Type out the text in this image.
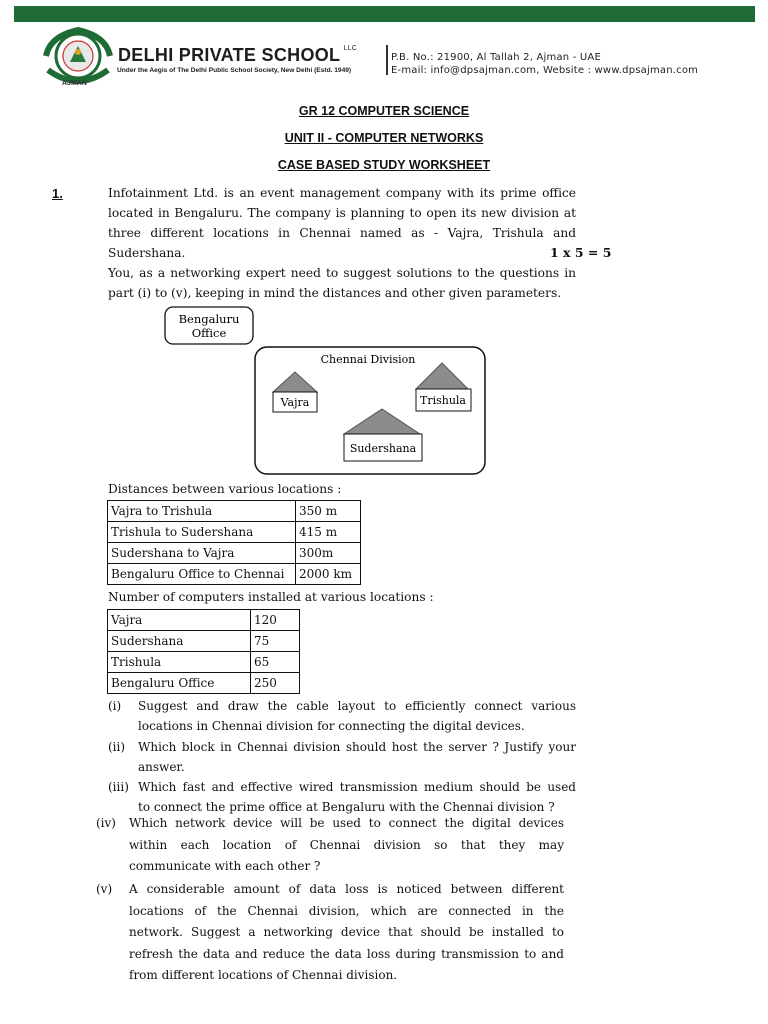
AJMAN
DELHI PRIVATE SCHOOL $^{LLC}$
Under the Aegis of The Delhi Public School Society, New Delhi (Estd. 1949)
P.B. No.: 21900, Al Tallah 2, Ajman - UAE
E-mail: info@dpsajman.com, Website : www.dpsajman.com
GR 12 COMPUTER SCIENCE
UNIT II - COMPUTER NETWORKS
CASE BASED STUDY WORKSHEET
1.	Infotainment Ltd. is an event management company with its prime office
located in Bengaluru. The company is planning to open its new division at
three different locations in Chennai named as - Vajra, Trishula and
Sudershana.	1 x 5 = 5
You, as a networking expert need to suggest solutions to the questions in
part (i) to (v), keeping in mind the distances and other given parameters.
Bengaluru
Office
Chennai Division
Vajra	Trishula
Sudershana
Distances between various locations :
Vajra to Trishula	350 m
Trishula to Sudershana	415 m
Sudershana to Vajra	300m
Bengaluru Office to Chennai	2000 km
Number of computers installed at various locations :
Vajra	120
Sudershana	75
Trishula	65
Bengaluru Office	250
(i) Suggest and draw the cable layout to efficiently connect various
locations in Chennai division for connecting the digital devices.
(ii) Which block in Chennai division should host the server ? Justify your
answer.
(iii) Which fast and effective wired transmission medium should be used
to connect the prime office at Bengaluru with the Chennai division ?
(iv) Which network device will be used to connect the digital devices
within each location of Chennai division so that they may
communicate with each other ?
(v) A considerable amount of data loss is noticed between different
locations of the Chennai division, which are connected in the
network. Suggest a networking device that should be installed to
refresh the data and reduce the data loss during transmission to and
from different locations of Chennai division.
